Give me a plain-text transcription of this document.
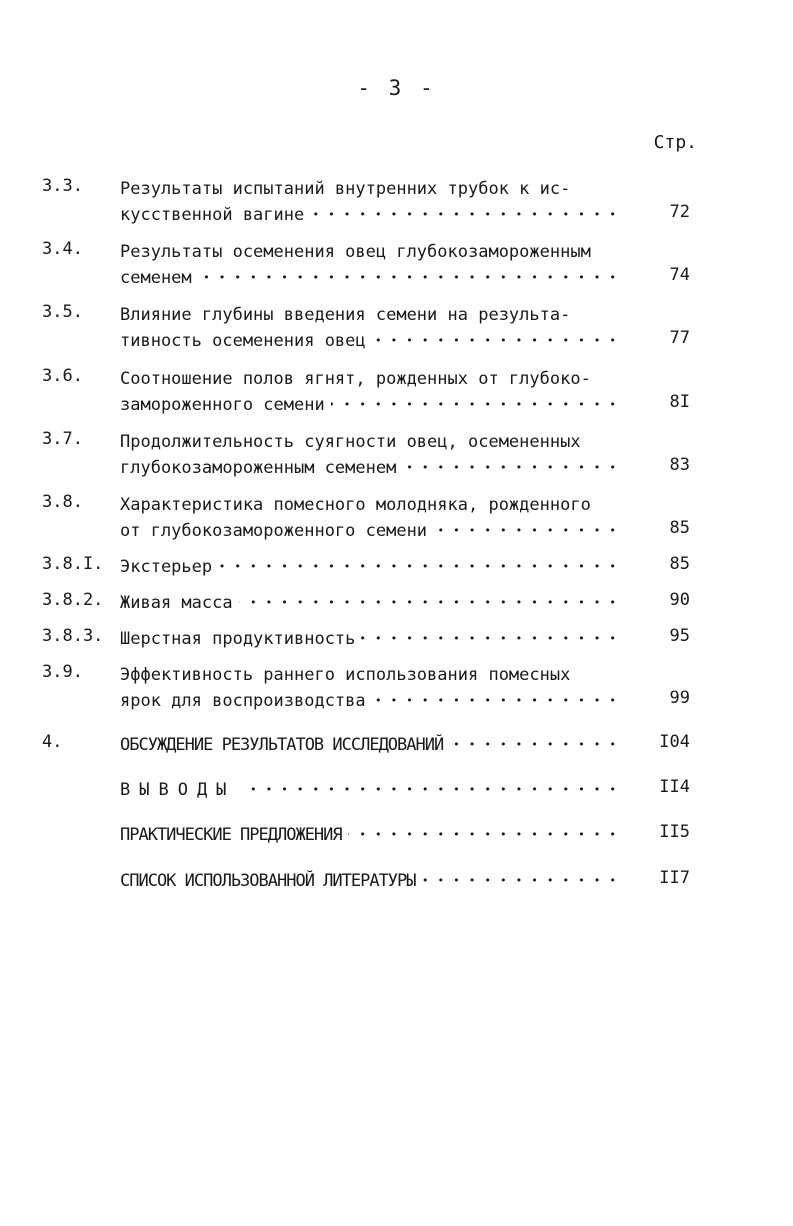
- 3 -
Стр.
3.3. Результаты испытаний внутренних трубок к ис-
кусственной вагине •••••	72
3.4. Результаты осеменения овец глубокозамороженным
семенем •••••	74
3.5. Влияние глубины введения семени на результа-
тивность осеменения овец •••••	77
3.6. Соотношение полов ягнят, рожденных от глубоко-
замороженного семени •••••	8I
3.7. Продолжительность суягности овец, осемененных
глубокозамороженным семенем •••••	83
3.8. Характеристика помесного молодняка, рожденного
от глубокозамороженного семени •••••	85
3.8.I. Экстерьер •••••	85
3.8.2. Живая масса •••••	90
3.8.3. Шерстная продуктивность •••••	95
3.9. Эффективность раннего использования помесных
ярок для воспроизводства •••••	99
4.	ОБСУЖДЕНИЕ РЕЗУЛЬТАТОВ ИССЛЕДОВАНИЙ •••••	I04
ВЫВОДЫ •••••	II4
ПРАКТИЧЕСКИЕ ПРЕДЛОЖЕНИЯ •••••	II5
СПИСОК ИСПОЛЬЗОВАННОЙ ЛИТЕРАТУРЫ •••••	II7
